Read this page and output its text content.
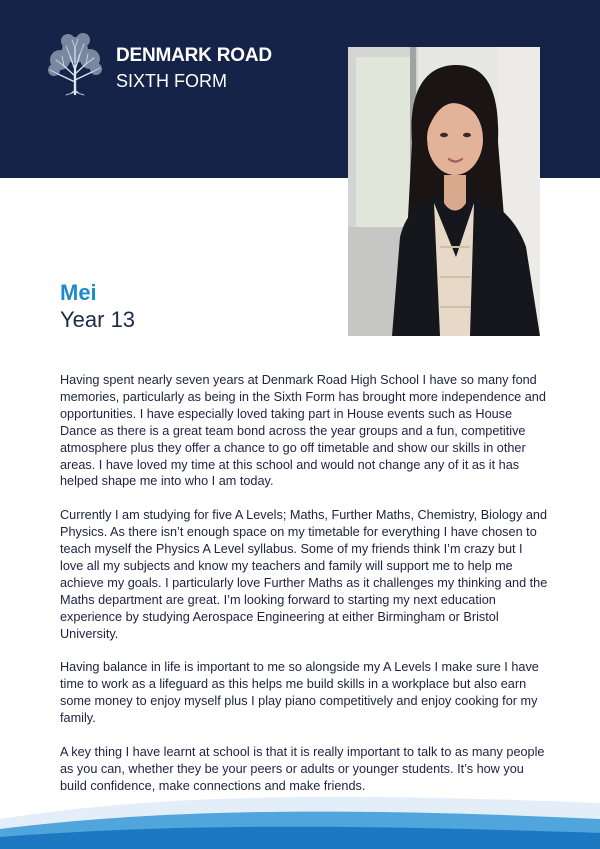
DENMARK ROAD
SIXTH FORM
Mei
Year 13

Having spent nearly seven years at Denmark Road High School I have so many fond memories, particularly as being in the Sixth Form has brought more independence and opportunities. I have especially loved taking part in House events such as House Dance as there is a great team bond across the year groups and a fun, competitive atmosphere plus they offer a chance to go off timetable and show our skills in other areas. I have loved my time at this school and would not change any of it as it has helped shape me into who I am today.

Currently I am studying for five A Levels; Maths, Further Maths, Chemistry, Biology and Physics. As there isn’t enough space on my timetable for everything I have chosen to teach myself the Physics A Level syllabus. Some of my friends think I’m crazy but I love all my subjects and know my teachers and family will support me to help me achieve my goals. I particularly love Further Maths as it challenges my thinking and the Maths department are great. I’m looking forward to starting my next education experience by studying Aerospace Engineering at either Birmingham or Bristol University.

Having balance in life is important to me so alongside my A Levels I make sure I have time to work as a lifeguard as this helps me build skills in a workplace but also earn some money to enjoy myself plus I play piano competitively and enjoy cooking for my family.

A key thing I have learnt at school is that it is really important to talk to as many people as you can, whether they be your peers or adults or younger students. It’s how you build confidence, make connections and make friends.
